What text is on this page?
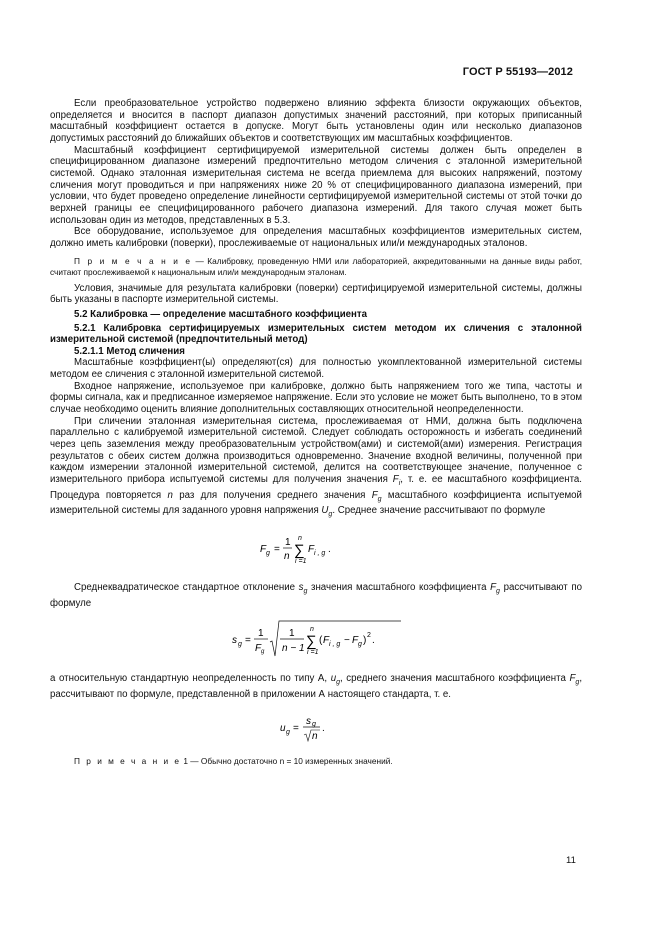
ГОСТ Р 55193—2012

Если преобразовательное устройство подвержено влиянию эффекта близости окружающих объектов, определяется и вносится в паспорт диапазон допустимых значений расстояний, при которых приписанный масштабный коэффициент остается в допуске. Могут быть установлены один или несколько диапазонов допустимых расстояний до ближайших объектов и соответствующих им масштабных коэффициентов.

Масштабный коэффициент сертифицируемой измерительной системы должен быть определен в специфицированном диапазоне измерений предпочтительно методом сличения с эталонной измерительной системой. Однако эталонная измерительная система не всегда приемлема для высоких напряжений, поэтому сличения могут проводиться и при напряжениях ниже 20 % от специфицированного диапазона измерений, при условии, что будет проведено определение линейности сертифицируемой измерительной системы от этой точки до верхней границы ее специфицированного рабочего диапазона измерений. Для такого случая может быть использован один из методов, представленных в 5.3.

Все оборудование, используемое для определения масштабных коэффициентов измерительных систем, должно иметь калибровки (поверки), прослеживаемые от национальных или/и международных эталонов.

П р и м е ч а н и е — Калибровку, проведенную НМИ или лабораторией, аккредитованными на данные виды работ, считают прослеживаемой к национальным или/и международным эталонам.

Условия, значимые для результата калибровки (поверки) сертифицируемой измерительной системы, должны быть указаны в паспорте измерительной системы.

5.2 Калибровка — определение масштабного коэффициента

5.2.1 Калибровка сертифицируемых измерительных систем методом их сличения с эталонной измерительной системой (предпочтительный метод)

5.2.1.1 Метод сличения

Масштабные коэффициент(ы) определяют(ся) для полностью укомплектованной измерительной системы методом ее сличения с эталонной измерительной системой.

Входное напряжение, используемое при калибровке, должно быть напряжением того же типа, частоты и формы сигнала, как и предписанное измеряемое напряжение. Если это условие не может быть выполнено, то в этом случае необходимо оценить влияние дополнительных составляющих относительной неопределенности.

При сличении эталонная измерительная система, прослеживаемая от НМИ, должна быть подключена параллельно с калибруемой измерительной системой. Следует соблюдать осторожность и избегать соединений через цепь заземления между преобразовательным устройством(ами) и системой(ами) измерения. Регистрация результатов с обеих систем должна производиться одновременно. Значение входной величины, полученной при каждом измерении эталонной измерительной системой, делится на соответствующее значение, полученное с измерительного прибора испытуемой системы для получения значения $F_i$, т. е. ее масштабного коэффициента. Процедура повторяется n раз для получения среднего значения $F_g$ масштабного коэффициента испытуемой измерительной системы для заданного уровня напряжения $U_g$. Среднее значение рассчитывают по формуле

F g =
1
n ∑
n
i =1
F i , g .

Среднеквадратическое стандартное отклонение $s_g$ значения масштабного коэффициента $F_g$ рассчитывают по формуле

s g =
1
F g
1
n − 1 ∑
n
i =1
( F i , g − F g ) 2 .

а относительную стандартную неопределенность по типу А, $u_g$, среднего значения масштабного коэффициента $F_g$, рассчитывают по формуле, представленной в приложении А настоящего стандарта, т. е.

u g =
s g
n
.

П р и м е ч а н и е 1 — Обычно достаточно n = 10 измеренных значений.

11
